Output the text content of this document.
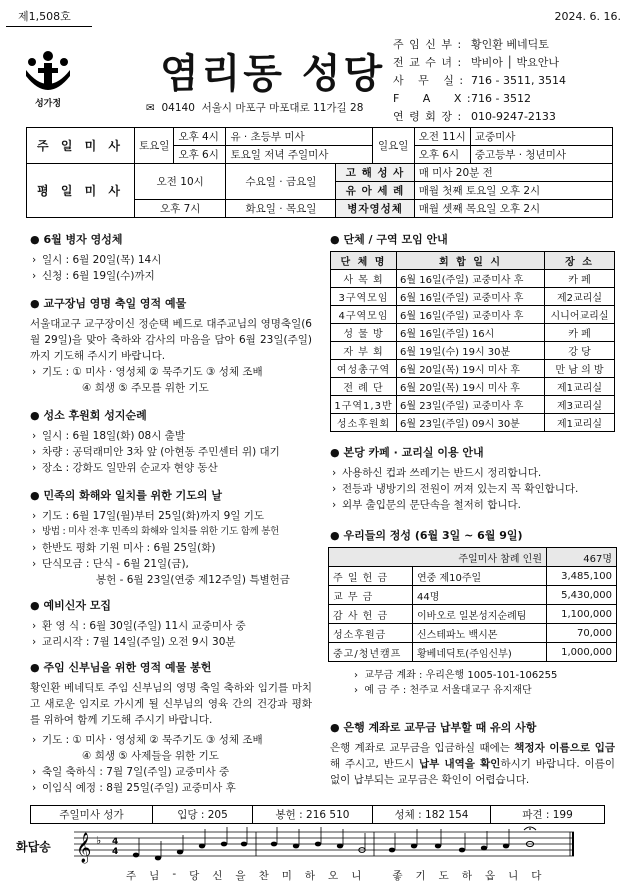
제1,508호	2024. 6. 16.
성가정
염리동 성당
✉ 04140 서울시 마포구 마포대로 11가길 28
주 임 신 부 : 황인환 베네딕토
전 교 수 녀 : 박비아 │ 박요안나
사   무   실 : 716 - 3511, 3514
F     A     X : 716 - 3512
연 령 회 장 : 010-9247-2133
주 일 미 사	토요일	오후 4시	유 · 초등부 미사		일요일	오전 11시	교중미사
		오후 6시	토요일 저녁 주일미사			오후 6시	중고등부 · 청년미사
평 일 미 사	오전 10시		수요일 · 금요일	고 해 성 사		매 미사 20분 전	
				유 아 세 례		매월 첫째 토요일 오후 2시	
	오후 7시		화요일 · 목요일	병자영성체		매월 셋째 목요일 오후 2시	
● 6월 병자 영성체
› 일시 : 6월 20일(목) 14시
› 신청 : 6월 19일(수)까지
● 교구장님 영명 축일 영적 예물
서울대교구 교구장이신 정순택 베드로 대주교님의 영명축일(6월 29일)을 맞아 축하와 감사의 마음을 담아 6월 23일(주일)까지 기도해 주시기 바랍니다.
› 기도 : ① 미사 · 영성체 ② 묵주기도 ③ 성체 조배
④ 희생 ⑤ 주모를 위한 기도
● 성소 후원회 성지순례
› 일시 : 6월 18일(화) 08시 출발
› 차량 : 공덕래미안 3차 앞 (아현동 주민센터 위) 대기
› 장소 : 강화도 일만위 순교자 현양 동산
● 민족의 화해와 일치를 위한 기도의 날
› 기도 : 6월 17일(월)부터 25일(화)까지 9일 기도
› 방법 : 미사 전·후 민족의 화해와 일치를 위한 기도 함께 봉헌
› 한반도 평화 기원 미사 : 6월 25일(화)
› 단식모금 : 단식 - 6월 21일(금),
봉헌 - 6월 23일(연중 제12주일) 특별헌금
● 예비신자 모집
› 환 영 식 : 6월 30일(주일) 11시 교중미사 중
› 교리시작 : 7월 14일(주일) 오전 9시 30분
● 주임 신부님을 위한 영적 예물 봉헌
황인환 베네딕토 주임 신부님의 영명 축일 축하와 임기를 마치고 새로운 임지로 가시게 될 신부님의 영육 간의 건강과 평화를 위하여 함께 기도해 주시기 바랍니다.
› 기도 : ① 미사 · 영성체 ② 묵주기도 ③ 성체 조배
④ 희생 ⑤ 사제들을 위한 기도
› 축일 축하식 : 7월 7일(주일) 교중미사 중
› 이임식 예정 : 8월 25일(주일) 교중미사 후
● 단체 / 구역 모임 안내
단 체 명	회 합 일 시	장 소
사 목 회	6월 16일(주일) 교중미사 후	카 페
3구역모임	6월 16일(주일) 교중미사 후	제2교리실
4구역모임	6월 16일(주일) 교중미사 후	시니어교리실
성 물 방	6월 16일(주일) 16시	카 페
자 부 회	6월 19일(수) 19시 30분	강 당
여성총구역	6월 20일(목) 19시 미사 후	만 남 의 방
전 례 단	6월 20일(목) 19시 미사 후	제1교리실
1구역1,3반	6월 23일(주일) 교중미사 후	제3교리실
성소후원회	6월 23일(주일) 09시 30분	제1교리실
● 본당 카페 · 교리실 이용 안내
› 사용하신 컵과 쓰레기는 반드시 정리합니다.
› 전등과 냉방기의 전원이 꺼져 있는지 꼭 확인합니다.
› 외부 출입문의 문단속을 철저히 합니다.
● 우리들의 정성 (6월 3일 ~ 6월 9일)
주일미사 참례 인원		467명
주 일 헌 금	연중 제10주일	3,485,100
교 무 금	44명	5,430,000
감 사 헌 금	이바오로 일본성지순례팀	1,100,000
성소후원금	신스테파노 백시몬	70,000
중고/청년캠프	황베네딕토(주임신부)	1,000,000
›  교무금 계좌 : 우리은행 1005-101-106255
›  예 금 주 : 천주교 서울대교구 유지재단
● 은행 계좌로 교무금 납부할 때 유의 사항
은행 계좌로 교무금을 입금하실 때에는 책정자 이름으로 입금해 주시고, 반드시 납부 내역을 확인하시기 바랍니다. 이름이 없이 납부되는 교무금은 확인이 어렵습니다.
주일미사 성가	입당 : 205	봉헌 : 216 510	성체 : 182 154	파견 : 199
화답송 𝄞 ♭ 4
4
주 님 - 당 신 을 찬 미 하 오 니	좋 기 도 하 옵 니 다
